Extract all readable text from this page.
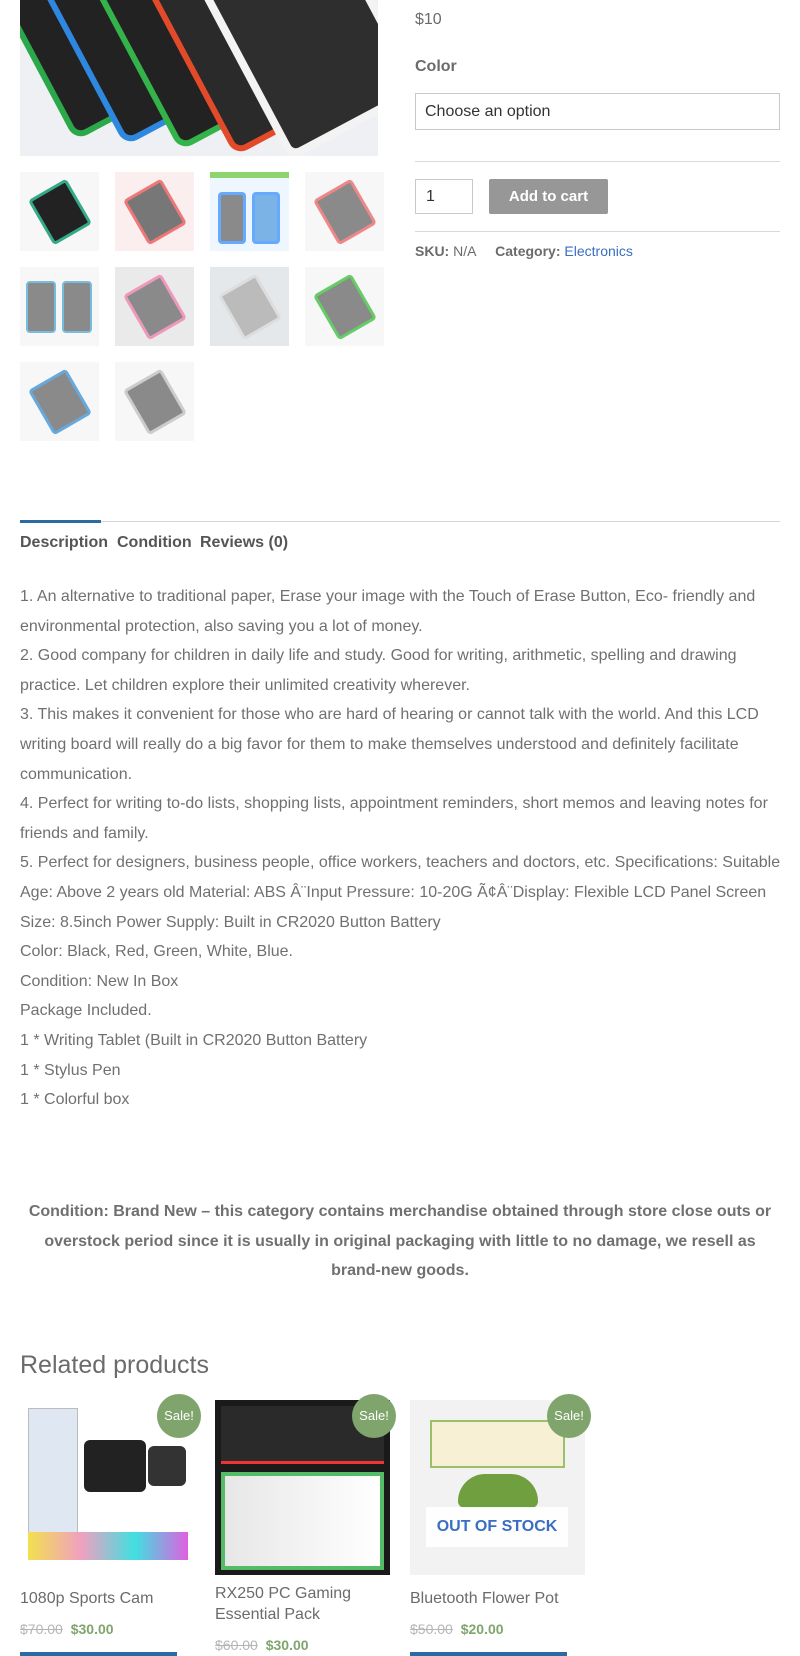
$10
Color
Choose an option
1	Add to cart
SKU: N/A Category: Electronics
Description Condition Reviews (0)

1. An alternative to traditional paper, Erase your image with the Touch of Erase Button, Eco- friendly and environmental protection, also saving you a lot of money.

2. Good company for children in daily life and study. Good for writing, arithmetic, spelling and drawing practice. Let children explore their unlimited creativity wherever.

3. This makes it convenient for those who are hard of hearing or cannot talk with the world. And this LCD writing board will really do a big favor for them to make themselves understood and definitely facilitate communication.

4. Perfect for writing to-do lists, shopping lists, appointment reminders, short memos and leaving notes for friends and family.

5. Perfect for designers, business people, office workers, teachers and doctors, etc. Specifications: Suitable Age: Above 2 years old Material: ABS Â¨Input Pressure: 10-20G Ã¢Â¨Display: Flexible LCD Panel Screen Size: 8.5inch Power Supply: Built in CR2020 Button Battery

Color: Black, Red, Green, White, Blue.

Condition: New In Box

Package Included.

1 * Writing Tablet (Built in CR2020 Button Battery

1 * Stylus Pen

1 * Colorful box

Condition: Brand New – this category contains merchandise obtained through store close outs or overstock period since it is usually in original packaging with little to no damage, we resell as brand-new goods.
Related products
Sale!
1080p Sports Cam
$70.00 $30.00
Sale!
RX250 PC Gaming Essential Pack
$60.00 $30.00
OUT OF STOCK
Sale!
Bluetooth Flower Pot
$50.00 $20.00
